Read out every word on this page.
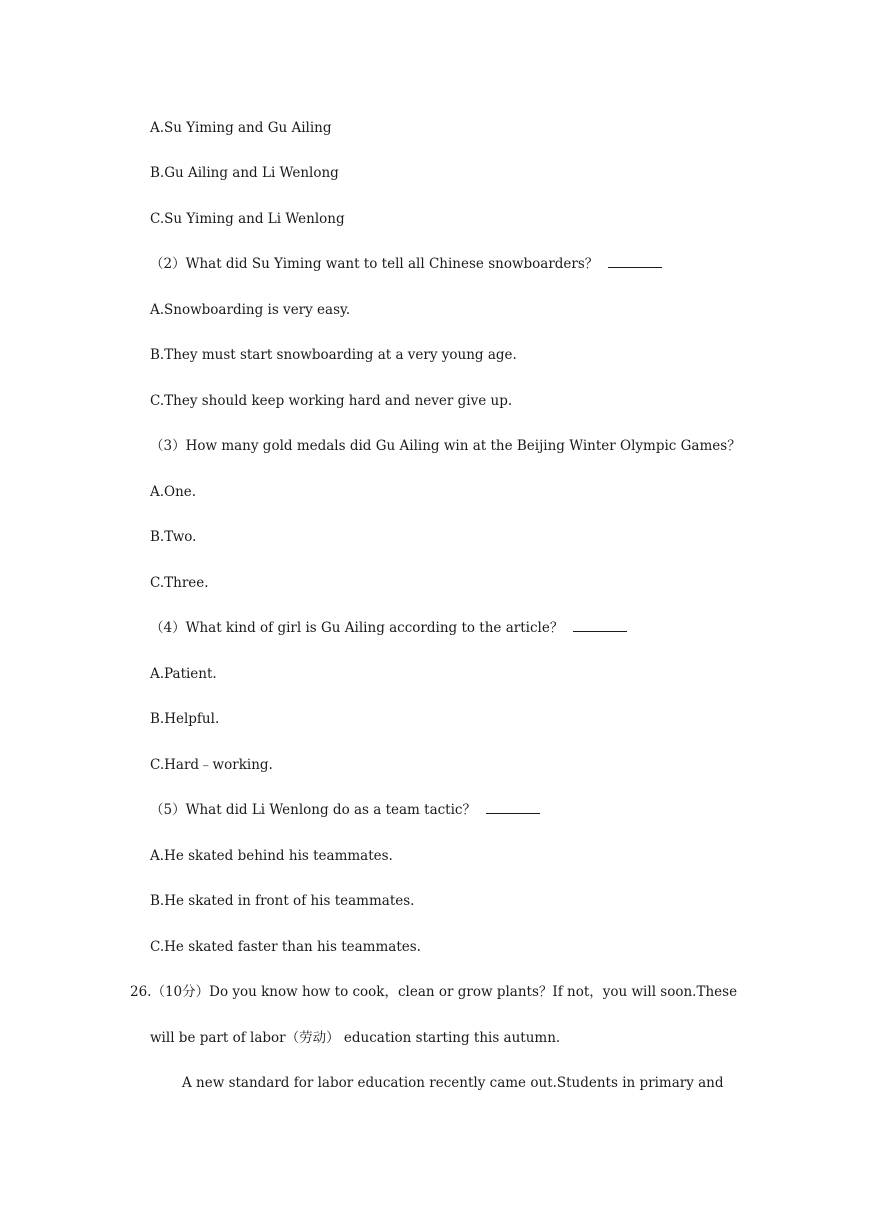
A.Su Yiming and Gu Ailing
B.Gu Ailing and Li Wenlong
C.Su Yiming and Li Wenlong
（2）What did Su Yiming want to tell all Chinese snowboarders？
A.Snowboarding is very easy.
B.They must start snowboarding at a very young age.
C.They should keep working hard and never give up.
（3）How many gold medals did Gu Ailing win at the Beijing Winter Olympic Games？
A.One.
B.Two.
C.Three.
（4）What kind of girl is Gu Ailing according to the article？
A.Patient.
B.Helpful.
C.Hard﹣working.
（5）What did Li Wenlong do as a team tactic？
A.He skated behind his teammates.
B.He skated in front of his teammates.
C.He skated faster than his teammates.
26.（10分）Do you know how to cook，clean or grow plants？If not，you will soon.These
will be part of labor（劳动） education starting this autumn.
A new standard for labor education recently came out.Students in primary and
